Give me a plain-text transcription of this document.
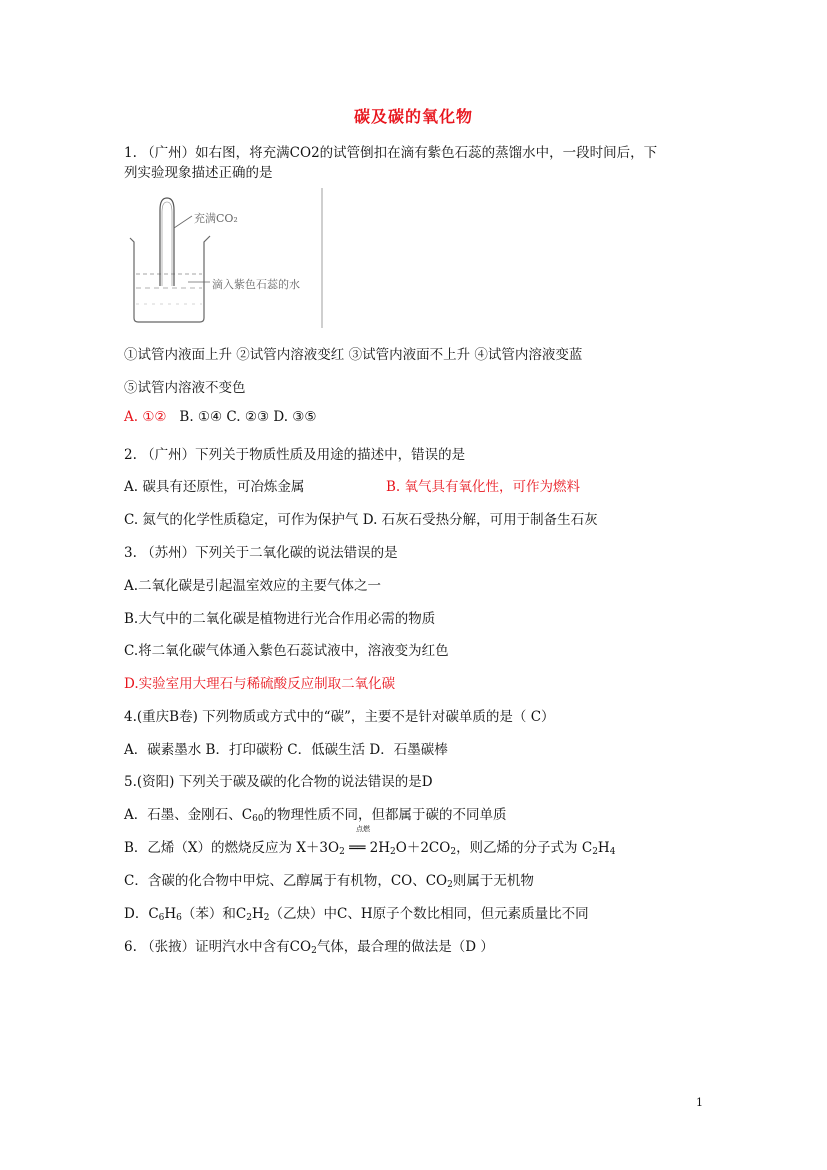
碳及碳的氧化物
1. （广州）如右图，将充满CO2的试管倒扣在滴有紫色石蕊的蒸馏水中，一段时间后，下
列实验现象描述正确的是
充满CO₂
滴入紫色石蕊的水
①试管内液面上升 ②试管内溶液变红 ③试管内液面不上升 ④试管内溶液变蓝
⑤试管内溶液不变色
A. ①② B. ①④ C. ②③ D. ③⑤
2. （广州）下列关于物质性质及用途的描述中，错误的是
A. 碳具有还原性，可冶炼金属	B. 氧气具有氧化性，可作为燃料
C. 氮气的化学性质稳定，可作为保护气 D. 石灰石受热分解，可用于制备生石灰
3. （苏州）下列关于二氧化碳的说法错误的是
A.二氧化碳是引起温室效应的主要气体之一
B.大气中的二氧化碳是植物进行光合作用必需的物质
C.将二氧化碳气体通入紫色石蕊试液中，溶液变为红色
D.实验室用大理石与稀硫酸反应制取二氧化碳
4.(重庆B卷) 下列物质或方式中的“碳”，主要不是针对碳单质的是（ C）
A．碳素墨水 B．打印碳粉 C．低碳生活 D．石墨碳棒
5.(资阳) 下列关于碳及碳的化合物的说法错误的是D
A．石墨、金刚石、$C_{60}$的物理性质不同，但都属于碳的不同单质
B．乙烯（X）的燃烧反应为 $X+3O_2$ ══ $2H_2O+2CO_2$，则乙烯的分子式为 $C_2H_4$
点燃
C．含碳的化合物中甲烷、乙醇属于有机物，CO、$CO_2$则属于无机物
D．$C_6H_6$（苯）和$C_2H_2$（乙炔）中C、H原子个数比相同，但元素质量比不同
6. （张掖）证明汽水中含有$CO_2$气体，最合理的做法是（D ）
1
